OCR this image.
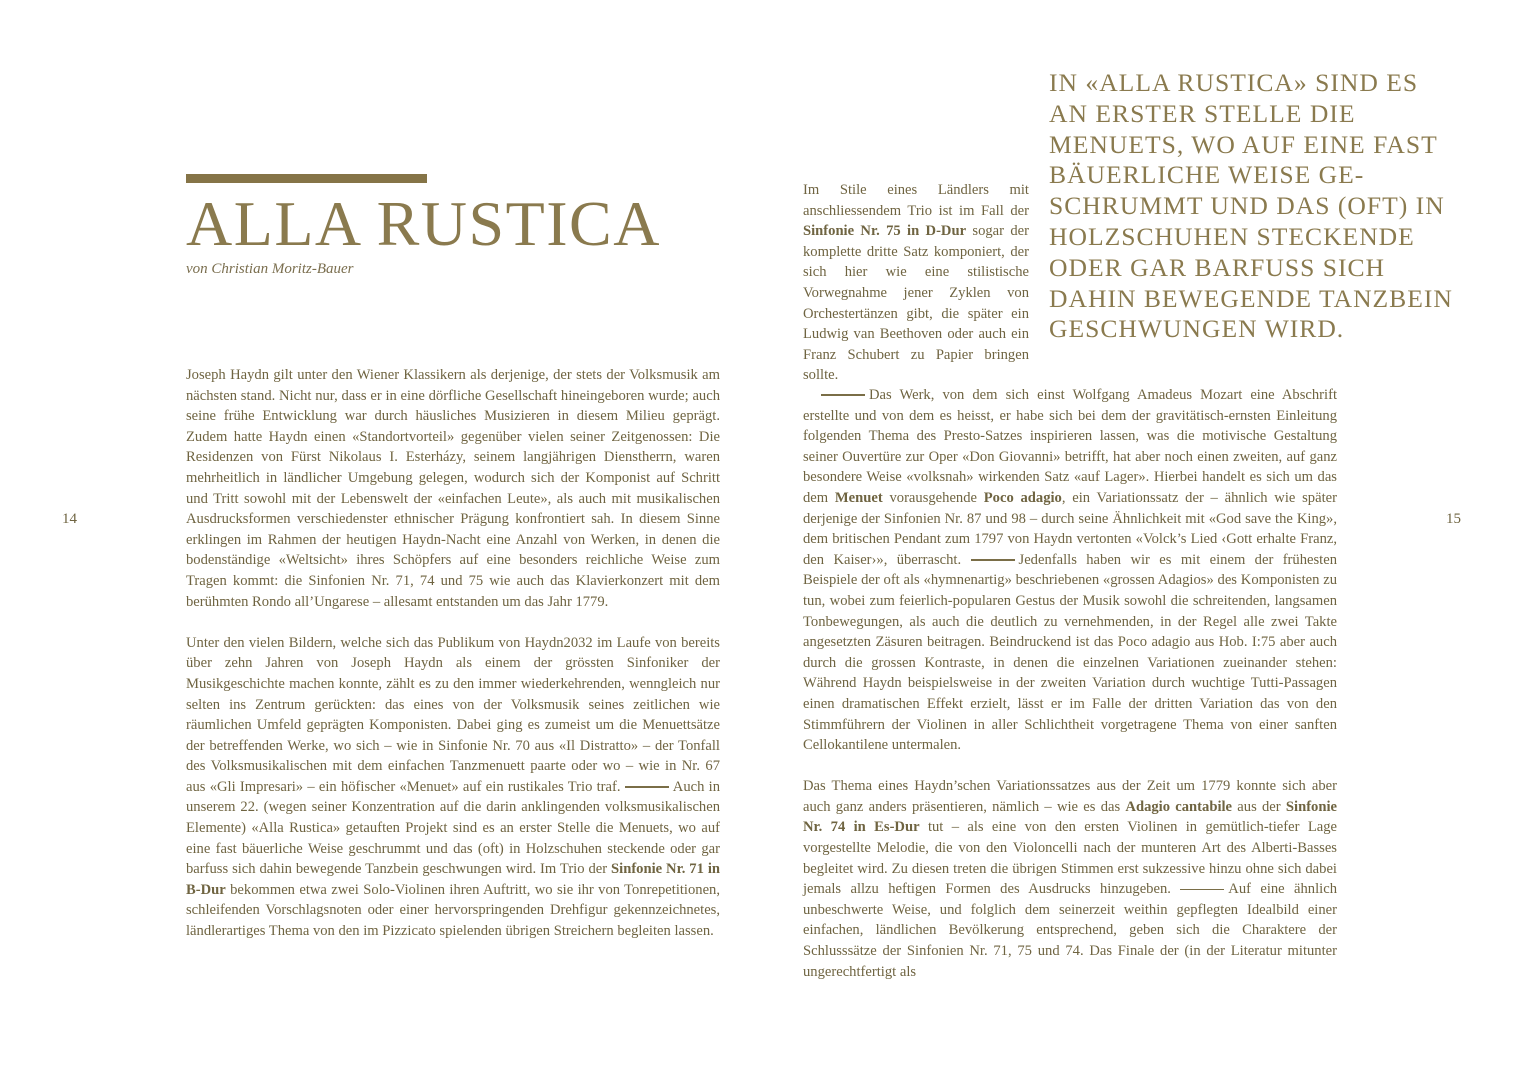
ALLA RUSTICA
von Christian Moritz-Bauer
14	15
IN «ALLA RUSTICA» SIND ES
AN ERSTER STELLE DIE
MENUETS, WO AUF EINE FAST
BÄUERLICHE WEISE GE-
SCHRUMMT UND DAS (OFT) IN
HOLZSCHUHEN STECKENDE
ODER GAR BARFUSS SICH
DAHIN BEWEGENDE TANZBEIN
GESCHWUNGEN WIRD.

Joseph Haydn gilt unter den Wiener Klassikern als derjenige, der stets der Volksmusik am nächsten stand. Nicht nur, dass er in eine dörfliche Gesellschaft hineingeboren wurde; auch seine frühe Entwicklung war durch häusliches Musizieren in diesem Milieu geprägt. Zudem hatte Haydn einen «Standortvorteil» gegenüber vielen seiner Zeitgenossen: Die Residenzen von Fürst Nikolaus I. Esterházy, seinem langjährigen Dienstherrn, waren mehrheitlich in ländlicher Umgebung gelegen, wodurch sich der Komponist auf Schritt und Tritt sowohl mit der Lebenswelt der «einfachen Leute», als auch mit musikalischen Ausdrucksformen verschiedenster ethnischer Prägung konfrontiert sah. In diesem Sinne erklingen im Rahmen der heutigen Haydn-Nacht eine Anzahl von Werken, in denen die bodenständige «Weltsicht» ihres Schöpfers auf eine besonders reichliche Weise zum Tragen kommt: die Sinfonien Nr. 71, 74 und 75 wie auch das Klavierkonzert mit dem berühmten Rondo all’Ungarese – allesamt entstanden um das Jahr 1779.

Unter den vielen Bildern, welche sich das Publikum von Haydn2032 im Laufe von bereits über zehn Jahren von Joseph Haydn als einem der grössten Sinfoniker der Musikgeschichte machen konnte, zählt es zu den immer wiederkehrenden, wenngleich nur selten ins Zentrum gerückten: das eines von der Volksmusik seines zeitlichen wie räumlichen Umfeld geprägten Komponisten. Dabei ging es zumeist um die Menuettsätze der betreffenden Werke, wo sich – wie in Sinfonie Nr. 70 aus «Il Distratto» – der Tonfall des Volksmusikalischen mit dem einfachen Tanzmenuett paarte oder wo – wie in Nr. 67 aus «Gli Impresari» – ein höfischer «Menuet» auf ein rustikales Trio traf.	Auch in unserem 22. (wegen seiner Konzentration auf die darin anklingenden volksmusikalischen Elemente) «Alla Rustica» getauften Projekt sind es an erster Stelle die Menuets, wo auf eine fast bäuerliche Weise geschrummt und das (oft) in Holzschuhen steckende oder gar barfuss sich dahin bewegende Tanzbein geschwungen wird. Im Trio der Sinfonie Nr. 71 in B-Dur bekommen etwa zwei Solo-Violinen ihren Auftritt, wo sie ihr von Tonrepetitionen, schleifenden Vorschlagsnoten oder einer hervorspringenden Drehfigur gekennzeichnetes, ländlerartiges Thema von den im Pizzicato spielenden übrigen Streichern begleiten lassen.

Im Stile eines Ländlers mit anschliessendem Trio ist im Fall der Sinfonie Nr. 75 in D-Dur sogar der komplette dritte Satz komponiert, der sich hier wie eine stilistische Vorwegnahme jener Zyklen von Orchestertänzen gibt, die später ein Ludwig van Beethoven oder auch ein Franz Schubert zu Papier bringen sollte.

Das Werk, von dem sich einst Wolfgang Amadeus Mozart eine Abschrift erstellte und von dem es heisst, er habe sich bei dem der gravitätisch-ernsten Einleitung folgenden Thema des Presto-Satzes inspirieren lassen, was die motivische Gestaltung seiner Ouvertüre zur Oper «Don Giovanni» betrifft, hat aber noch einen zweiten, auf ganz besondere Weise «volksnah» wirkenden Satz «auf Lager». Hierbei handelt es sich um das dem Menuet vorausgehende Poco adagio, ein Variationssatz der – ähnlich wie später derjenige der Sinfonien Nr. 87 und 98 – durch seine Ähnlichkeit mit «God save the King», dem britischen Pendant zum 1797 von Haydn vertonten «Volck’s Lied ‹Gott erhalte Franz, den Kaiser›», überrascht.	Jedenfalls haben wir es mit einem der frühesten Beispiele der oft als «hymnenartig» beschriebenen «grossen Adagios» des Komponisten zu tun, wobei zum feierlich-popularen Gestus der Musik sowohl die schreitenden, langsamen Tonbewegungen, als auch die deutlich zu vernehmenden, in der Regel alle zwei Takte angesetzten Zäsuren beitragen. Beindruckend ist das Poco adagio aus Hob. I:75 aber auch durch die grossen Kontraste, in denen die einzelnen Variationen zueinander stehen: Während Haydn beispielsweise in der zweiten Variation durch wuchtige Tutti-Passagen einen dramatischen Effekt erzielt, lässt er im Falle der dritten Variation das von den Stimmführern der Violinen in aller Schlichtheit vorgetragene Thema von einer sanften Cellokantilene untermalen.

Das Thema eines Haydn’schen Variationssatzes aus der Zeit um 1779 konnte sich aber auch ganz anders präsentieren, nämlich – wie es das Adagio cantabile aus der Sinfonie Nr. 74 in Es-Dur tut – als eine von den ersten Violinen in gemütlich-tiefer Lage vorgestellte Melodie, die von den Violoncelli nach der munteren Art des Alberti-Basses begleitet wird. Zu diesen treten die übrigen Stimmen erst sukzessive hinzu ohne sich dabei jemals allzu heftigen Formen des Ausdrucks hinzugeben.	Auf eine ähnlich unbeschwerte Weise, und folglich dem seinerzeit weithin gepflegten Idealbild einer einfachen, ländlichen Bevölkerung entsprechend, geben sich die Charaktere der Schlusssätze der Sinfonien Nr. 71, 75 und 74. Das Finale der (in der Literatur mitunter ungerechtfertigt als
